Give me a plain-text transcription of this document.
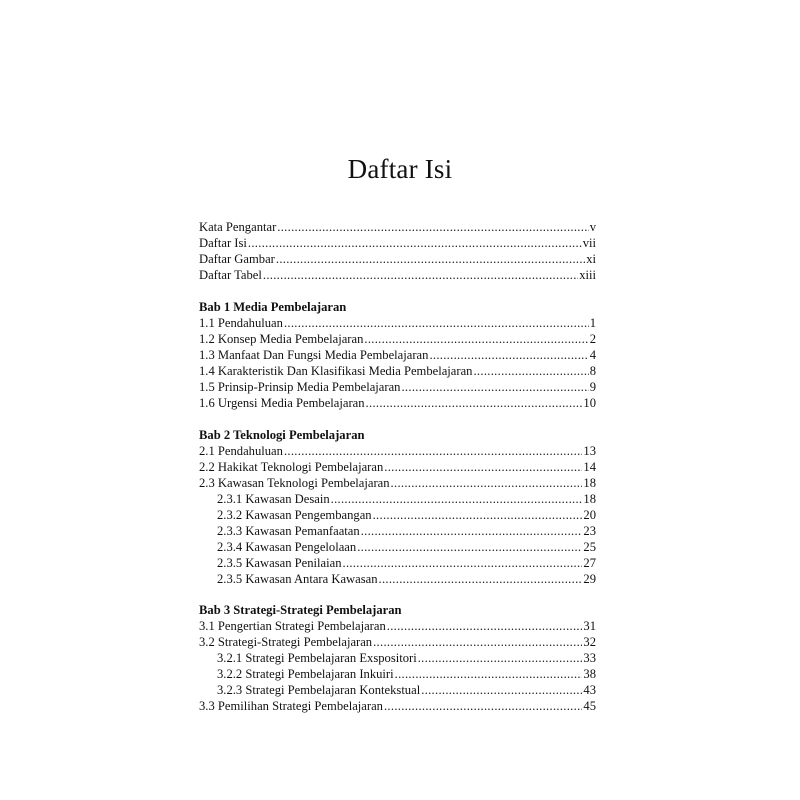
Daftar Isi
Kata Pengantar .....	v
Daftar Isi .....	vii
Daftar Gambar .....	xi
Daftar Tabel .....	xiii
Bab 1 Media Pembelajaran
1.1 Pendahuluan .....	1
1.2 Konsep Media Pembelajaran .....	2
1.3 Manfaat Dan Fungsi Media Pembelajaran .....	4
1.4 Karakteristik Dan Klasifikasi Media Pembelajaran .....	8
1.5 Prinsip-Prinsip Media Pembelajaran .....	9
1.6 Urgensi Media Pembelajaran .....	10
Bab 2 Teknologi Pembelajaran
2.1 Pendahuluan .....	13
2.2 Hakikat Teknologi Pembelajaran .....	14
2.3 Kawasan Teknologi Pembelajaran .....	18
2.3.1 Kawasan Desain .....	18
2.3.2 Kawasan Pengembangan .....	20
2.3.3 Kawasan Pemanfaatan .....	23
2.3.4 Kawasan Pengelolaan .....	25
2.3.5 Kawasan Penilaian .....	27
2.3.5 Kawasan Antara Kawasan .....	29
Bab 3 Strategi-Strategi Pembelajaran
3.1 Pengertian Strategi Pembelajaran .....	31
3.2 Strategi-Strategi Pembelajaran .....	32
3.2.1 Strategi Pembelajaran Exspositori .....	33
3.2.2 Strategi Pembelajaran Inkuiri .....	38
3.2.3 Strategi Pembelajaran Kontekstual .....	43
3.3 Pemilihan Strategi Pembelajaran .....	45
